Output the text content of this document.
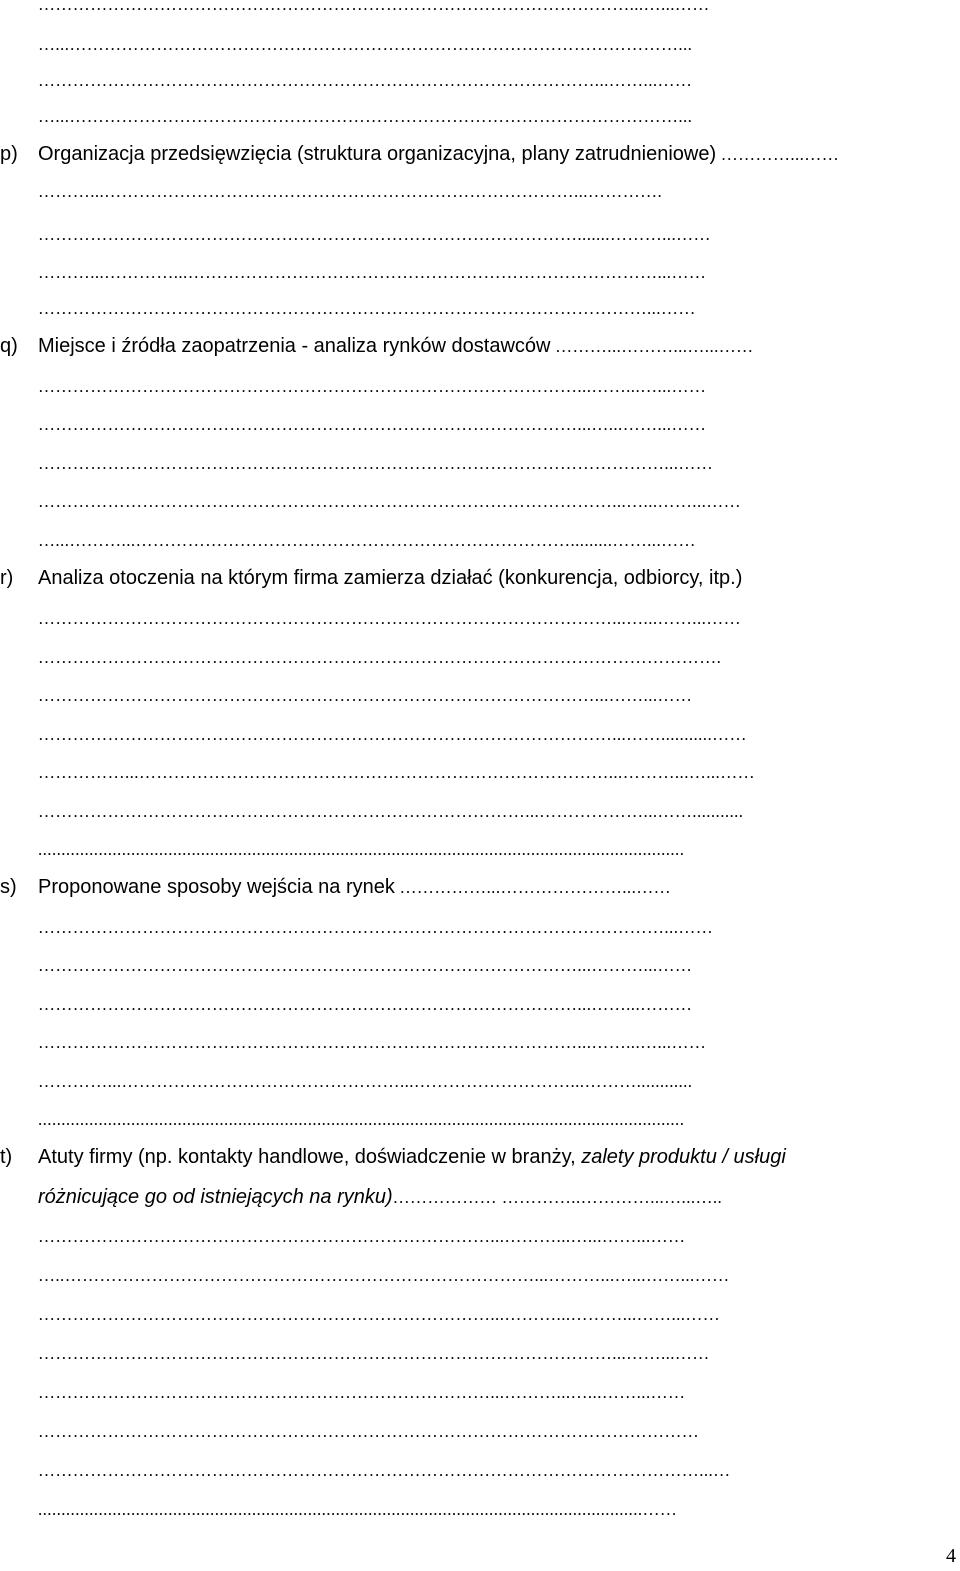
…………………………………………………………………………………………...…...……
…...……………………………………………………………………………………………...
……………………………………………………………………………………...……...……
…...……………………………………………………………………………………………...
p) Organizacja przedsięwzięcia (struktura organizacyjna, plany zatrudnieniowe) …………...……
………...………………………………………………………………………...………….
………………………………………………………………………………….......………...……
………...…………...………………………………………………………………………...……
……………………………………………………………………………………………...……
q) Miejsce i źródła zaopatrzenia - analiza rynków dostawców ………...………...…...……
…………………………………………………………………………………...……...…...……
…………………………………………………………………………………...…...……...……
………………………………………………………………………………………………...……
………………………………………………………………………………………...…...……...……
…...………...………………………………………………………………….........……...……
r) Analiza otoczenia na którym firma zamierza działać (konkurencja, odbiorcy, itp.)
………………………………………………………………………………………...…...……...……
……………………………………………………………………………………………………….
……………………………………………………………………………………...……...……
………………………………………………………………………………………...……...........……
……………...………………………………………………………………………...………...…...……
…………………………………………………………………………...………………...……...........
...........................................................................................................................................
s) Proponowane sposoby wejścia na rynek ……………...…………………...……
………………………………………………………………………………………………...……
…………………………………………………………………………………...………...……
…………………………………………………………………………………...……...………
…………………………………………………………………………………...……...…...……
…………...…………………………………………...………………………...………............
...........................................................................................................................................
t) Atuty firmy (np. kontakty handlowe, doświadczenie w branży, zalety produktu / usługi
różnicujące go od istniejących na rynku)……………… …………..…………...…...…..
……………………………………………………………………...………...…...……...……
…..………………………………………………………………………...………...…...……...……
……………………………………………………………………...………...………...……...……
………………………………………………………………………………………...……...……
……………………………………………………………………...………...…...……...……
……………………………………………………………………………………………………
……………………………………………………………………………………………………...…
..................................................................................................................................……
4
